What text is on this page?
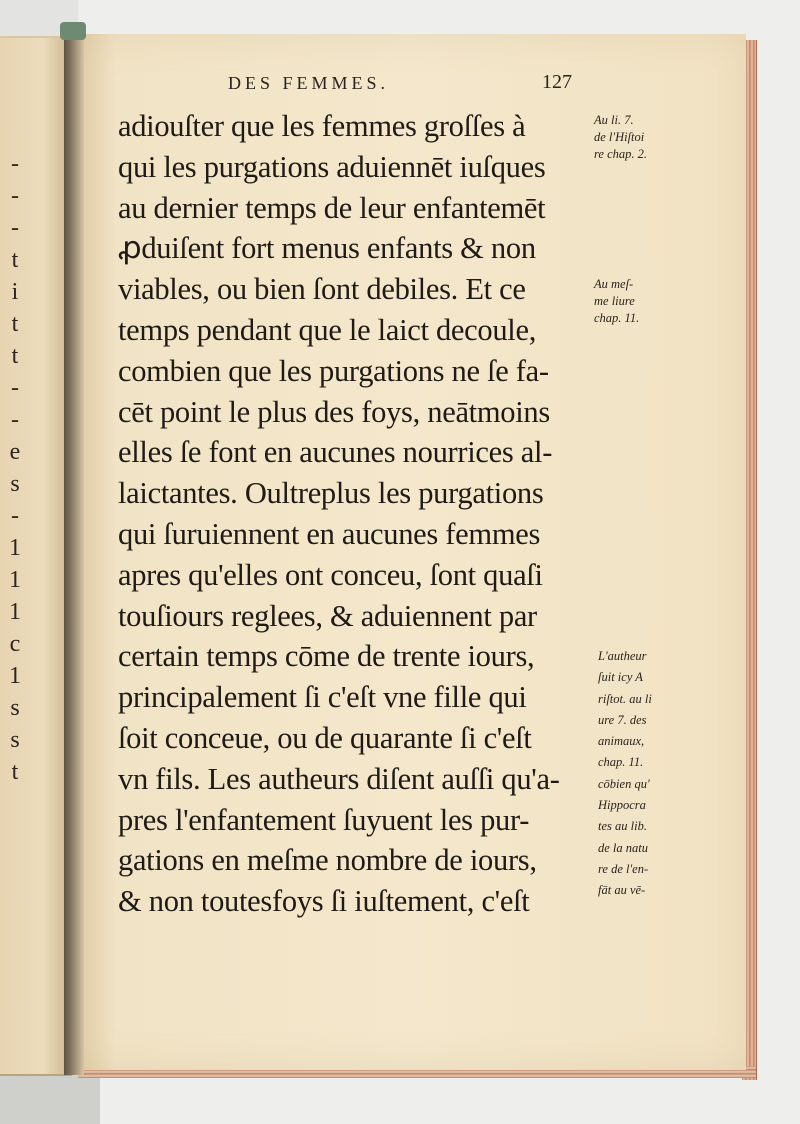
-
-
-
t
i
t
t
-
-
e
s
-
1
1
1
c
1
s
s
t
DES FEMMES.	127
adiouſter que les femmes groſſes à
qui les purgations aduiennēt iuſques
au dernier temps de leur enfantemēt
ꝓduiſent fort menus enfants & non
viables, ou bien ſont debiles. Et ce
temps pendant que le laict decoule,
combien que les purgations ne ſe fa-
cēt point le plus des foys, neātmoins
elles ſe font en aucunes nourrices al-
laictantes. Oultreplus les purgations
qui ſuruiennent en aucunes femmes
apres qu'elles ont conceu, ſont quaſi
touſiours reglees, & aduiennent par
certain temps cōme de trente iours,
principalement ſi c'eſt vne fille qui
ſoit conceue, ou de quarante ſi c'eſt
vn fils. Les autheurs diſent auſſi qu'a-
pres l'enfantement ſuyuent les pur-
gations en meſme nombre de iours,
& non toutesfoys ſi iuſtement, c'eſt
Au li. 7.
de l'Hiſtoi
re chap. 2.
Au meſ-
me liure
chap. 11.
L'autheur
ſuit icy A
riſtot. au li
ure 7. des
animaux,
chap. 11.
cōbien qu'
Hippocra
tes au lib.
de la natu
re de l'en-
fāt au vē-
